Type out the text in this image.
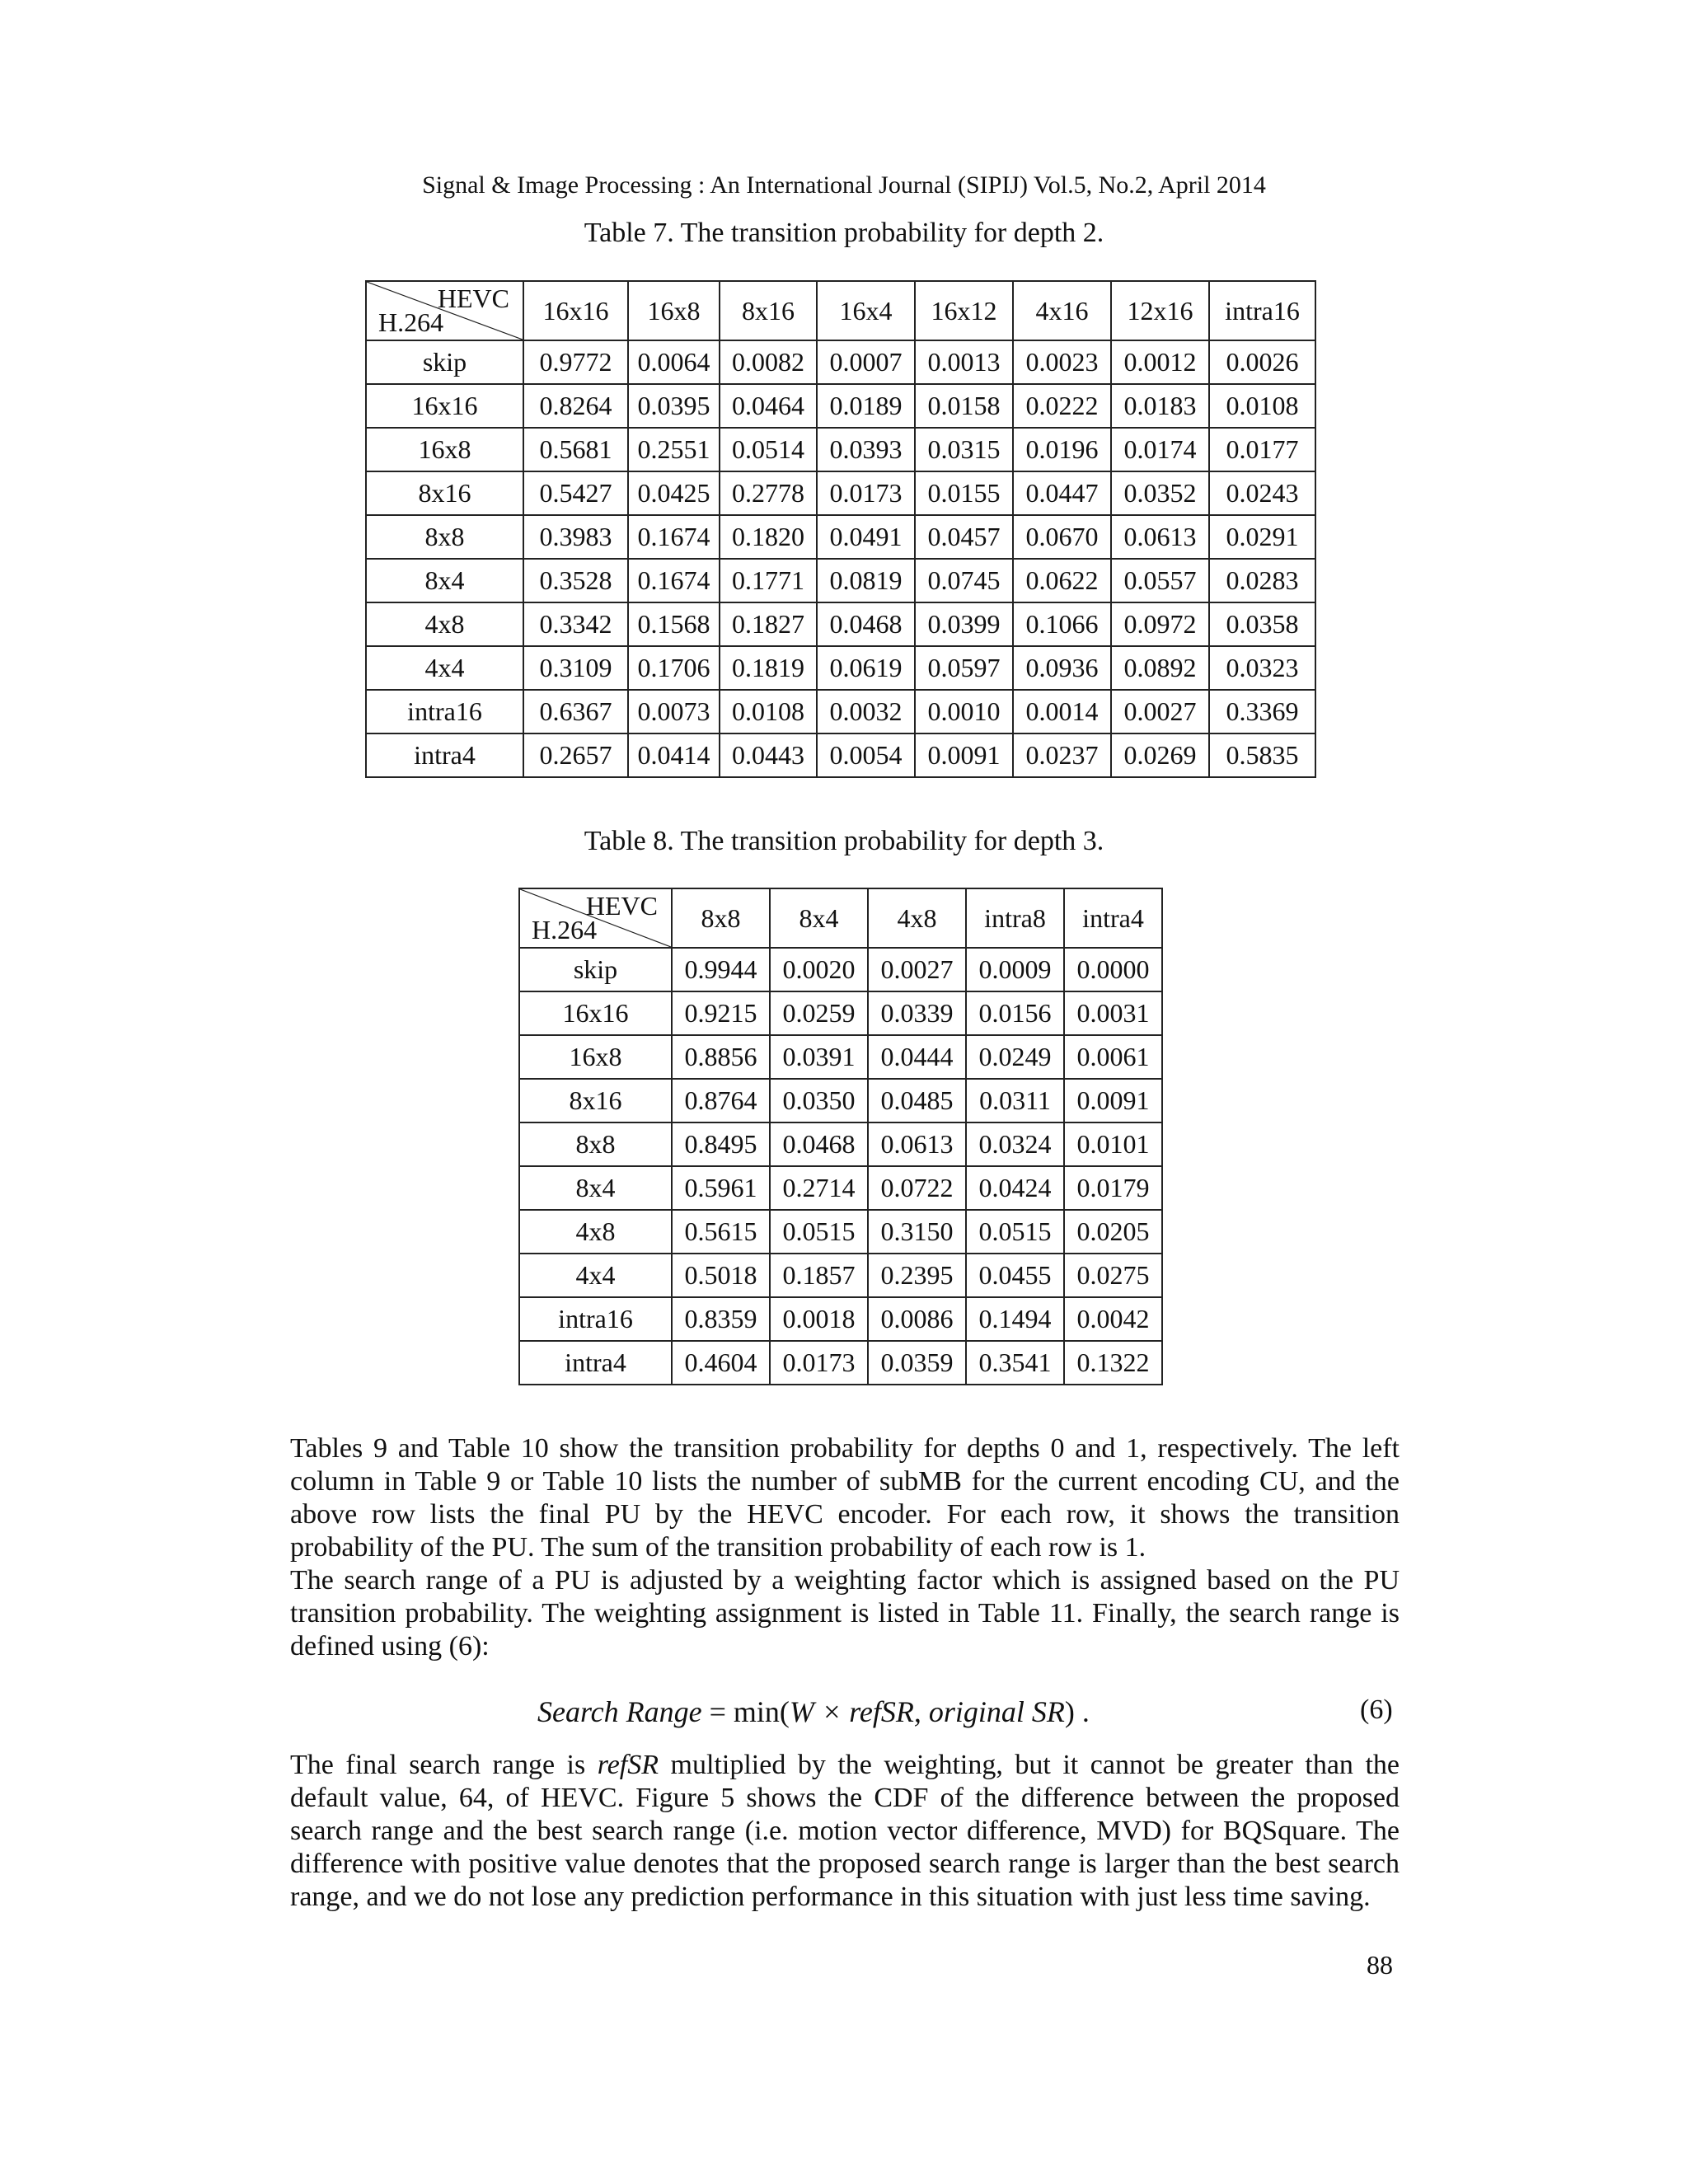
Signal & Image Processing : An International Journal (SIPIJ) Vol.5, No.2, April 2014
Table 7. The transition probability for depth 2.
HEVC
H.264	16x16	16x8	8x16	16x4	16x12	4x16	12x16	intra16
skip	0.9772	0.0064	0.0082	0.0007	0.0013	0.0023	0.0012	0.0026
16x16	0.8264	0.0395	0.0464	0.0189	0.0158	0.0222	0.0183	0.0108
16x8	0.5681	0.2551	0.0514	0.0393	0.0315	0.0196	0.0174	0.0177
8x16	0.5427	0.0425	0.2778	0.0173	0.0155	0.0447	0.0352	0.0243
8x8	0.3983	0.1674	0.1820	0.0491	0.0457	0.0670	0.0613	0.0291
8x4	0.3528	0.1674	0.1771	0.0819	0.0745	0.0622	0.0557	0.0283
4x8	0.3342	0.1568	0.1827	0.0468	0.0399	0.1066	0.0972	0.0358
4x4	0.3109	0.1706	0.1819	0.0619	0.0597	0.0936	0.0892	0.0323
intra16	0.6367	0.0073	0.0108	0.0032	0.0010	0.0014	0.0027	0.3369
intra4	0.2657	0.0414	0.0443	0.0054	0.0091	0.0237	0.0269	0.5835
Table 8. The transition probability for depth 3.
HEVC
H.264	8x8	8x4	4x8	intra8	intra4
skip	0.9944	0.0020	0.0027	0.0009	0.0000
16x16	0.9215	0.0259	0.0339	0.0156	0.0031
16x8	0.8856	0.0391	0.0444	0.0249	0.0061
8x16	0.8764	0.0350	0.0485	0.0311	0.0091
8x8	0.8495	0.0468	0.0613	0.0324	0.0101
8x4	0.5961	0.2714	0.0722	0.0424	0.0179
4x8	0.5615	0.0515	0.3150	0.0515	0.0205
4x4	0.5018	0.1857	0.2395	0.0455	0.0275
intra16	0.8359	0.0018	0.0086	0.1494	0.0042
intra4	0.4604	0.0173	0.0359	0.3541	0.1322

Tables 9 and Table 10 show the transition probability for depths 0 and 1, respectively. The left column in Table 9 or Table 10 lists the number of subMB for the current encoding CU, and the above row lists the final PU by the HEVC encoder. For each row, it shows the transition probability of the PU. The sum of the transition probability of each row is 1.

The search range of a PU is adjusted by a weighting factor which is assigned based on the PU transition probability. The weighting assignment is listed in Table 11. Finally, the search range is defined using (6):

Search Range = min(W × refSR, original SR) .	(6)

The final search range is refSR multiplied by the weighting, but it cannot be greater than the default value, 64, of HEVC. Figure 5 shows the CDF of the difference between the proposed search range and the best search range (i.e. motion vector difference, MVD) for BQSquare. The difference with positive value denotes that the proposed search range is larger than the best search range, and we do not lose any prediction performance in this situation with just less time saving.

88
